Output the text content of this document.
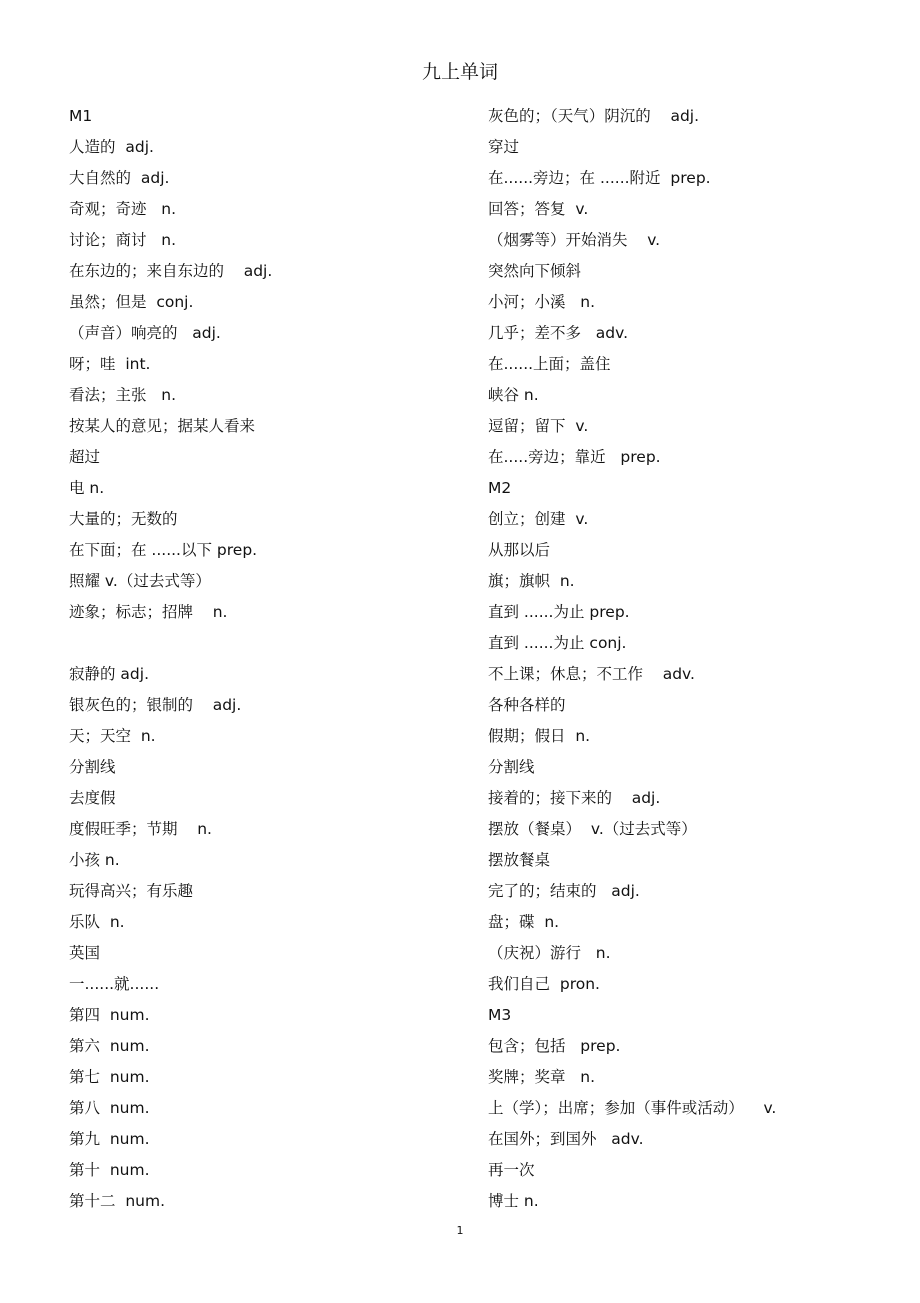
九上单词
M1
人造的  adj.
大自然的  adj.
奇观；奇迹   n.
讨论；商讨   n.
在东边的；来自东边的    adj.
虽然；但是  conj.
（声音）响亮的   adj.
呀；哇  int.
看法；主张   n.
按某人的意见；据某人看来
超过
电 n.
大量的；无数的
在下面；在 ......以下 prep.
照耀 v.（过去式等）
迹象；标志；招牌    n.
寂静的 adj.
银灰色的；银制的    adj.
天；天空  n.
分割线
去度假
度假旺季；节期    n.
小孩 n.
玩得高兴；有乐趣
乐队  n.
英国
一......就......
第四  num.
第六  num.
第七  num.
第八  num.
第九  num.
第十  num.
第十二  num.
灰色的；（天气）阴沉的    adj.
穿过
在......旁边；在 ......附近  prep.
回答；答复  v.
（烟雾等）开始消失    v.
突然向下倾斜
小河；小溪   n.
几乎；差不多   adv.
在......上面；盖住
峡谷 n.
逗留；留下  v.
在.....旁边；靠近   prep.
M2
创立；创建  v.
从那以后
旗；旗帜  n.
直到 ......为止 prep.
直到 ......为止 conj.
不上课；休息；不工作    adv.
各种各样的
假期；假日  n.
分割线
接着的；接下来的    adj.
摆放（餐桌）  v.（过去式等）
摆放餐桌
完了的；结束的   adj.
盘；碟  n.
（庆祝）游行   n.
我们自己  pron.
M3
包含；包括   prep.
奖牌；奖章   n.
上（学）；出席；参加（事件或活动）    v.
在国外；到国外   adv.
再一次
博士 n.
1
